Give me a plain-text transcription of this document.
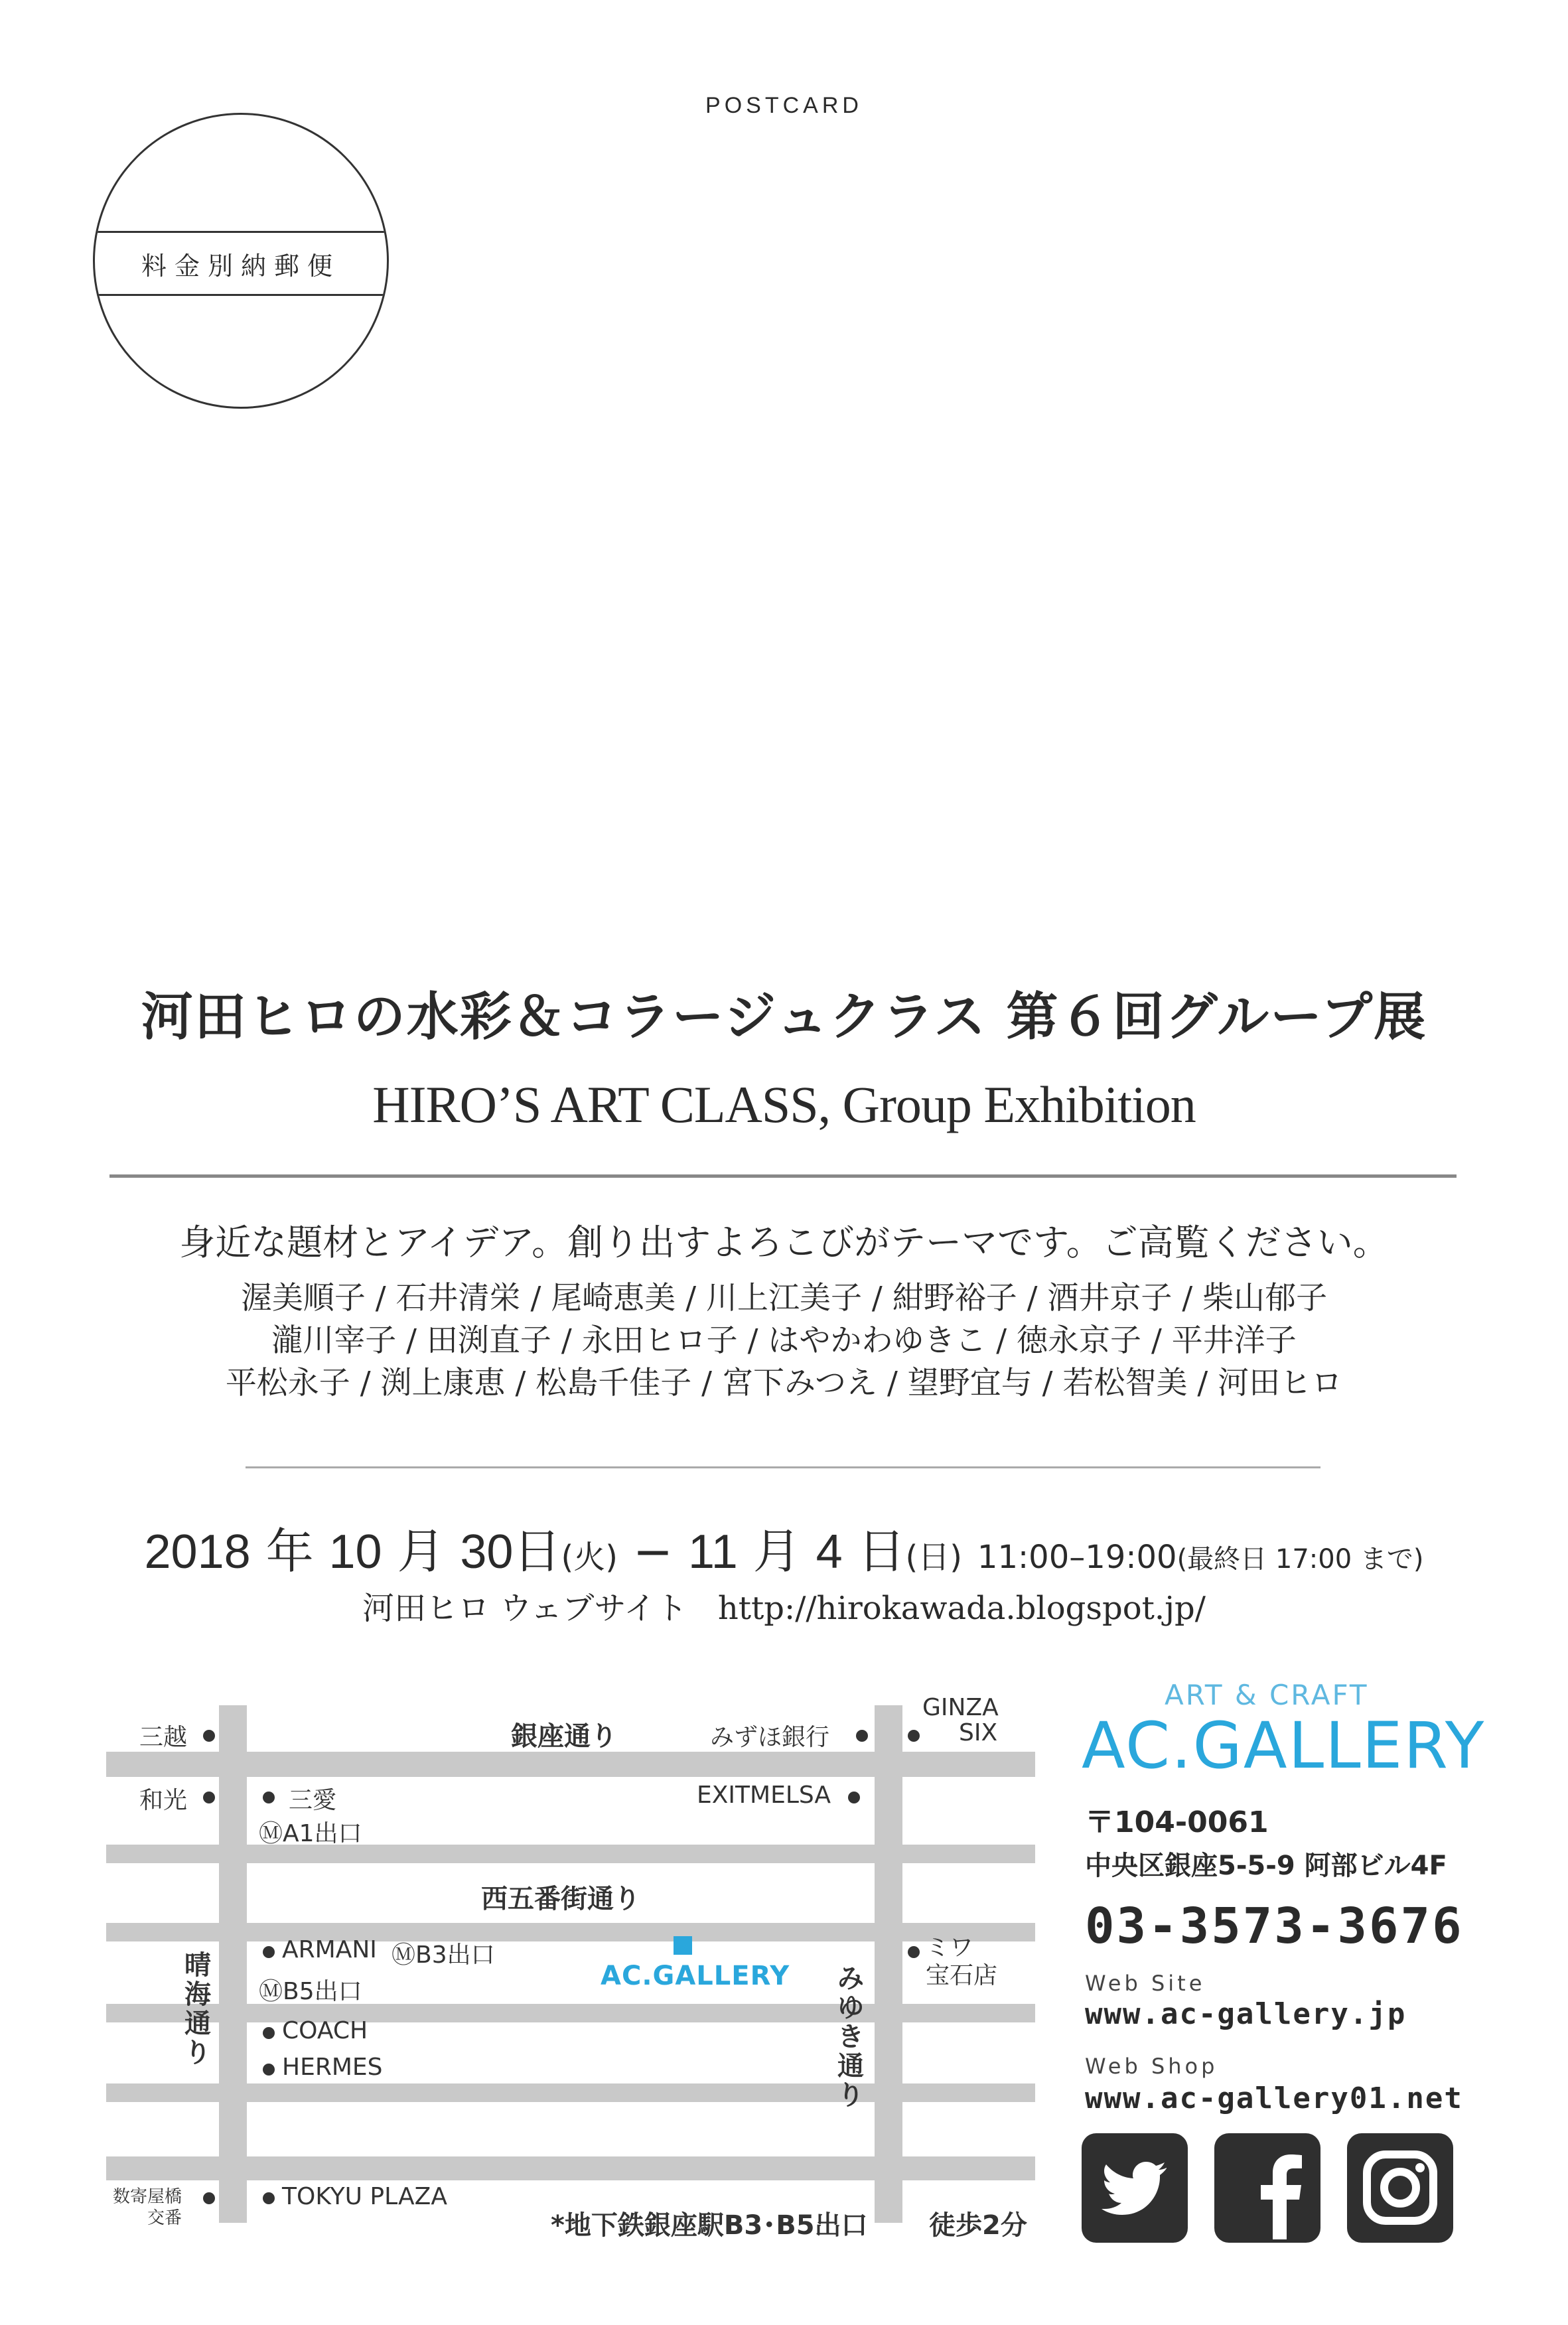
POSTCARD
料金別納郵便
河田ヒロの水彩＆コラージュクラス 第６回グループ展
HIRO’S ART CLASS, Group Exhibition
身近な題材とアイデア。創り出すよろこびがテーマです。ご高覧ください。
渥美順子 / 石井清栄 / 尾崎恵美 / 川上江美子 / 紺野裕子 / 酒井京子 / 柴山郁子
瀧川宰子 / 田渕直子 / 永田ヒロ子 / はやかわゆきこ / 徳永京子 / 平井洋子
平松永子 / 渕上康恵 / 松島千佳子 / 宮下みつえ / 望野宜与 / 若松智美 / 河田ヒロ
2018 年 10 月 30日(火) − 11 月 4 日(日) 11:00–19:00(最終日 17:00 まで)
河田ヒロ ウェブサイト http://hirokawada.blogspot.jp/
銀座通り
西五番街通り
晴海通り
みゆき通り
三越
和光
みずほ銀行
GINZA
SIX
三愛
ⓂA1出口
EXITMELSA
ARMANI ⓂB3出口
ⓂB5出口
AC.GALLERY
ミワ
宝石店
COACH
HERMES
数寄屋橋
交番
TOKYU PLAZA
*地下鉄銀座駅B3･B5出口 徒歩2分
ART & CRAFT
AC.GALLERY
〒104-0061
中央区銀座5-5-9 阿部ビル4F
03-3573-3676
Web Site
www.ac-gallery.jp
Web Shop
www.ac-gallery01.net
